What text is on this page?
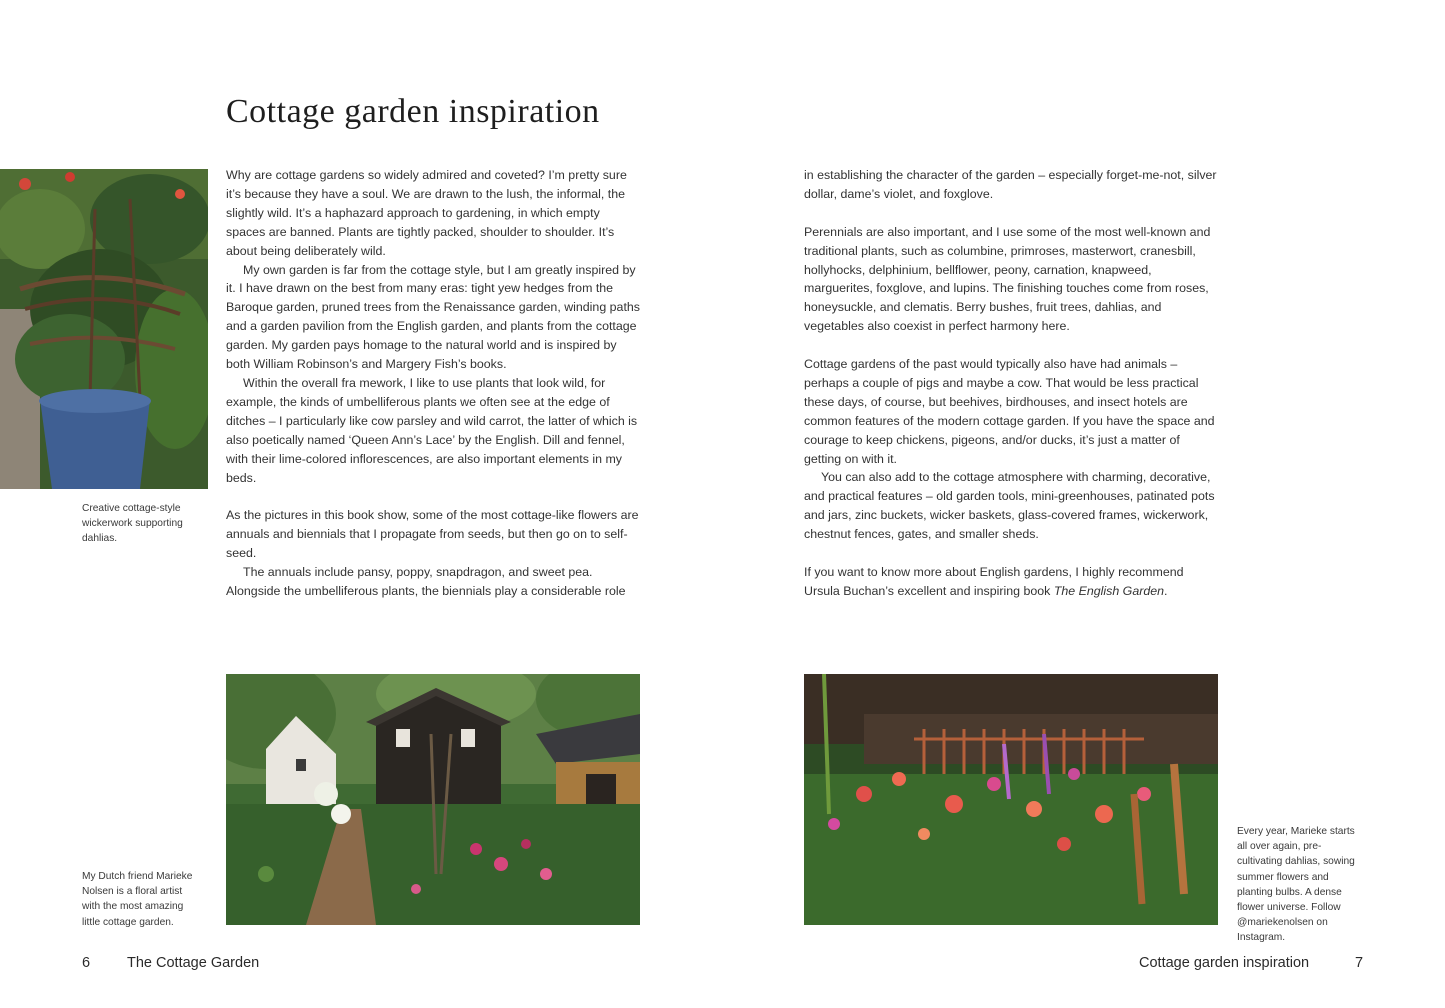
Cottage garden inspiration
Creative cottage-style wickerwork supporting dahlias.

Why are cottage gardens so widely admired and coveted? I’m pretty sure it’s because they have a soul. We are drawn to the lush, the informal, the slightly wild. It’s a haphazard approach to gardening, in which empty spaces are banned. Plants are tightly packed, shoulder to shoulder. It’s about being deliberately wild.

My own garden is far from the cottage style, but I am greatly inspired by it. I have drawn on the best from many eras: tight yew hedges from the Baroque garden, pruned trees from the Renaissance garden, winding paths and a garden pavilion from the English garden, and plants from the cottage garden. My garden pays homage to the natural world and is inspired by both William Robinson’s and Margery Fish’s books.

Within the overall fra mework, I like to use plants that look wild, for example, the kinds of umbelliferous plants we often see at the edge of ditches – I particularly like cow parsley and wild carrot, the latter of which is also poetically named ‘Queen Ann’s Lace’ by the English. Dill and fennel, with their lime-colored inflorescences, are also important elements in my beds.

As the pictures in this book show, some of the most cottage-like flowers are annuals and biennials that I propagate from seeds, but then go on to self-seed.

The annuals include pansy, poppy, snapdragon, and sweet pea. Alongside the umbelliferous plants, the biennials play a considerable role

in establishing the character of the garden – especially forget-me-not, silver dollar, dame’s violet, and foxglove.

Perennials are also important, and I use some of the most well-known and traditional plants, such as columbine, primroses, masterwort, cranesbill, hollyhocks, delphinium, bellflower, peony, carnation, knapweed, marguerites, foxglove, and lupins. The finishing touches come from roses, honeysuckle, and clematis. Berry bushes, fruit trees, dahlias, and vegetables also coexist in perfect harmony here.

Cottage gardens of the past would typically also have had animals – perhaps a couple of pigs and maybe a cow. That would be less practical these days, of course, but beehives, birdhouses, and insect hotels are common features of the modern cottage garden. If you have the space and courage to keep chickens, pigeons, and/or ducks, it’s just a matter of getting on with it.

You can also add to the cottage atmosphere with charming, decorative, and practical features – old garden tools, mini-greenhouses, patinated pots and jars, zinc buckets, wicker baskets, glass-covered frames, wickerwork, chestnut fences, gates, and smaller sheds.

If you want to know more about English gardens, I highly recommend Ursula Buchan’s excellent and inspiring book The English Garden.

My Dutch friend Marieke Nolsen is a floral artist with the most amazing little cottage garden.
Every year, Marieke starts all over again, pre-cultivating dahlias, sowing summer flowers and planting bulbs. A dense flower universe. Follow @mariekenolsen on Instagram.
6	The Cottage Garden	Cottage garden inspiration	7
